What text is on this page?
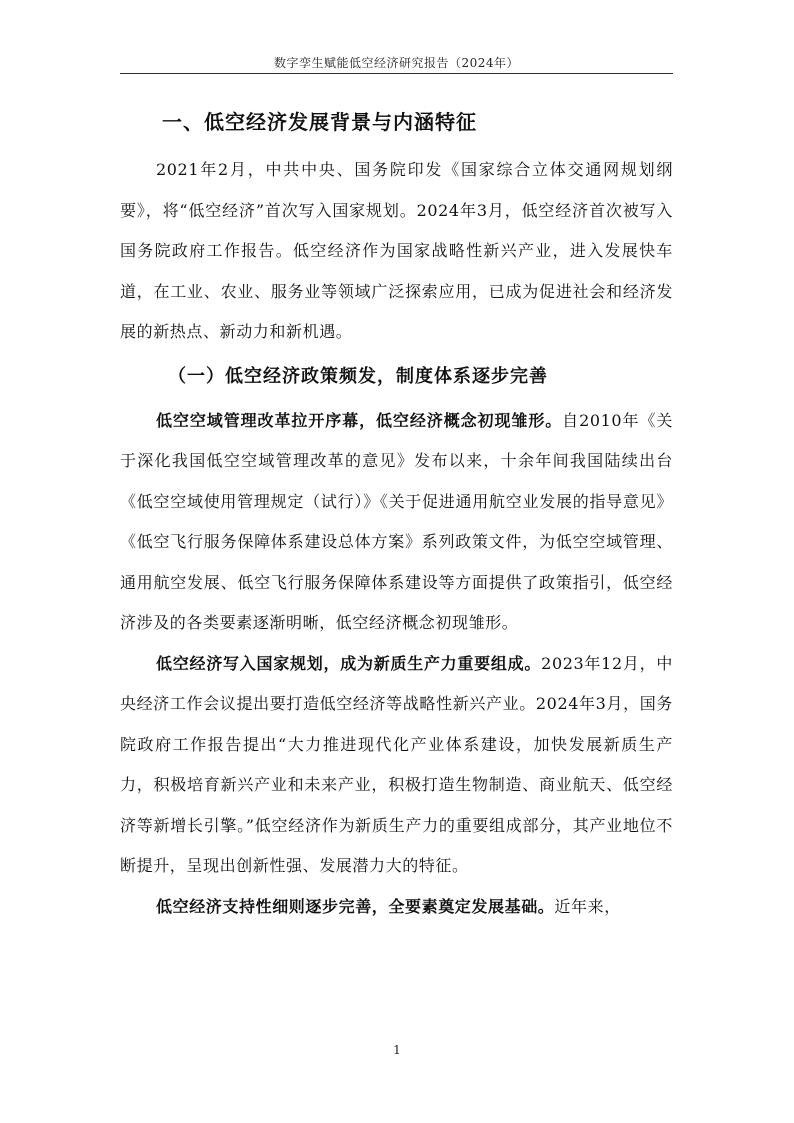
数字孪生赋能低空经济研究报告（2024年）
一、低空经济发展背景与内涵特征

2021年2月，中共中央、国务院印发《国家综合立体交通网规划纲要》，将“低空经济”首次写入国家规划。2024年3月，低空经济首次被写入国务院政府工作报告。低空经济作为国家战略性新兴产业，进入发展快车道，在工业、农业、服务业等领域广泛探索应用，已成为促进社会和经济发展的新热点、新动力和新机遇。

（一）低空经济政策频发，制度体系逐步完善

低空空域管理改革拉开序幕，低空经济概念初现雏形。自2010年《关于深化我国低空空域管理改革的意见》发布以来，十余年间我国陆续出台《低空空域使用管理规定（试行）》《关于促进通用航空业发展的指导意见》《低空飞行服务保障体系建设总体方案》系列政策文件，为低空空域管理、通用航空发展、低空飞行服务保障体系建设等方面提供了政策指引，低空经济涉及的各类要素逐渐明晰，低空经济概念初现雏形。

低空经济写入国家规划，成为新质生产力重要组成。2023年12月，中央经济工作会议提出要打造低空经济等战略性新兴产业。2024年3月，国务院政府工作报告提出“大力推进现代化产业体系建设，加快发展新质生产力，积极培育新兴产业和未来产业，积极打造生物制造、商业航天、低空经济等新增长引擎。”低空经济作为新质生产力的重要组成部分，其产业地位不断提升，呈现出创新性强、发展潜力大的特征。

低空经济支持性细则逐步完善，全要素奠定发展基础。近年来，

1
